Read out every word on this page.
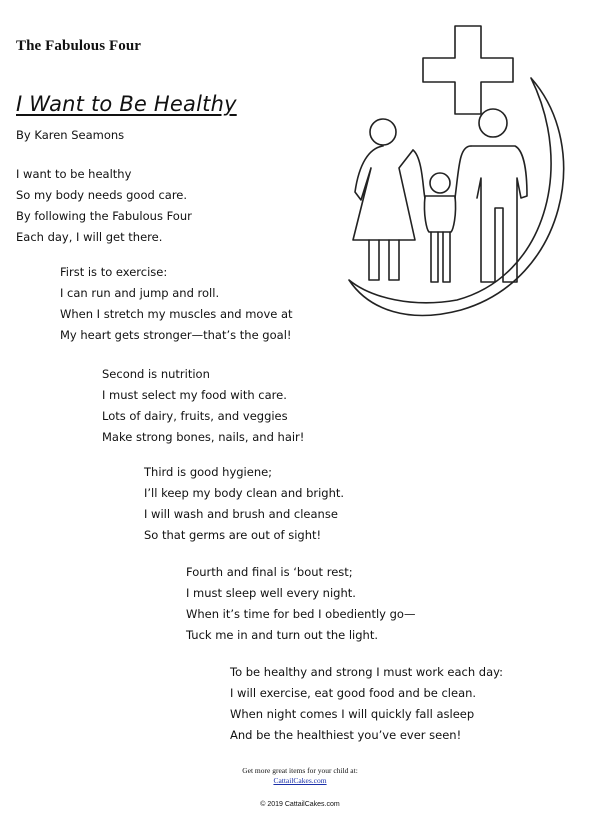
The Fabulous Four
I Want to Be Healthy
By Karen Seamons
I want to be healthy
So my body needs good care.
By following the Fabulous Four
Each day, I will get there.
First is to exercise:
I can run and jump and roll.
When I stretch my muscles and move at
My heart gets stronger—that’s the goal!
Second is nutrition
I must select my food with care.
Lots of dairy, fruits, and veggies
Make strong bones, nails, and hair!
Third is good hygiene;
I’ll keep my body clean and bright.
I will wash and brush and cleanse
So that germs are out of sight!
Fourth and final is ‘bout rest;
I must sleep well every night.
When it’s time for bed I obediently go—
Tuck me in and turn out the light.
To be healthy and strong I must work each day:
I will exercise, eat good food and be clean.
When night comes I will quickly fall asleep
And be the healthiest you’ve ever seen!
Get more great items for your child at:
CattailCakes.com
© 2019 CattailCakes.com
